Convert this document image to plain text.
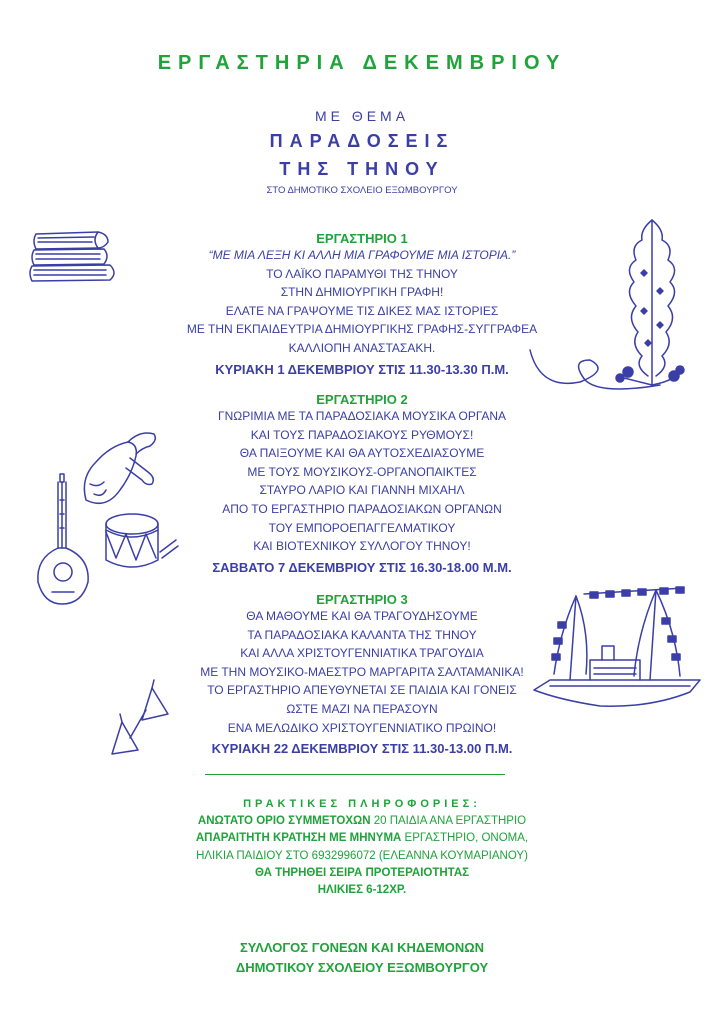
ΕΡΓΑΣΤΗΡΙΑ ΔΕΚΕΜΒΡΙΟΥ
ΜΕ ΘΕΜΑ
ΠΑΡΑΔΟΣΕΙΣ
ΤΗΣ ΤΗΝΟΥ
ΣΤΟ ΔΗΜΟΤΙΚΟ ΣΧΟΛΕΙΟ ΕΞΩΜΒΟΥΡΓΟΥ
ΕΡΓΑΣΤΗΡΙΟ 1
“ΜΕ ΜΙΑ ΛΕΞΗ ΚΙ ΑΛΛΗ ΜΙΑ ΓΡΑΦΟΥΜΕ ΜΙΑ ΙΣΤΟΡΙΑ.”
ΤΟ ΛΑΪΚΟ ΠΑΡΑΜΥΘΙ ΤΗΣ ΤΗΝΟΥ
ΣΤΗΝ ΔΗΜΙΟΥΡΓΙΚΗ ΓΡΑΦΗ!
ΕΛΑΤΕ ΝΑ ΓΡΑΨΟΥΜΕ ΤΙΣ ΔΙΚΕΣ ΜΑΣ ΙΣΤΟΡΙΕΣ
ΜΕ ΤΗΝ ΕΚΠΑΙΔΕΥΤΡΙΑ ΔΗΜΙΟΥΡΓΙΚΗΣ ΓΡΑΦΗΣ-ΣΥΓΓΡΑΦΕΑ
ΚΑΛΛΙΟΠΗ ΑΝΑΣΤΑΣΑΚΗ.
ΚΥΡΙΑΚΗ 1 ΔΕΚΕΜΒΡΙΟΥ ΣΤΙΣ 11.30-13.30 Π.Μ.
ΕΡΓΑΣΤΗΡΙΟ 2
ΓΝΩΡΙΜΙΑ ΜΕ ΤΑ ΠΑΡΑΔΟΣΙΑΚΑ ΜΟΥΣΙΚΑ ΟΡΓΑΝΑ
ΚΑΙ ΤΟΥΣ ΠΑΡΑΔΟΣΙΑΚΟΥΣ ΡΥΘΜΟΥΣ!
ΘΑ ΠΑΙΞΟΥΜΕ ΚΑΙ ΘΑ ΑΥΤΟΣΧΕΔΙΑΣΟΥΜΕ
ΜΕ ΤΟΥΣ ΜΟΥΣΙΚΟΥΣ-ΟΡΓΑΝΟΠΑΙΚΤΕΣ
ΣΤΑΥΡΟ ΛΑΡΙΟ ΚΑΙ ΓΙΑΝΝΗ ΜΙΧΑΗΛ
ΑΠΟ ΤΟ ΕΡΓΑΣΤΗΡΙΟ ΠΑΡΑΔΟΣΙΑΚΩΝ ΟΡΓΑΝΩΝ
ΤΟΥ ΕΜΠΟΡΟΕΠΑΓΓΕΛΜΑΤΙΚΟΥ
ΚΑΙ ΒΙΟΤΕΧΝΙΚΟΥ ΣΥΛΛΟΓΟΥ ΤΗΝΟΥ!
ΣΑΒΒΑΤΟ 7 ΔΕΚΕΜΒΡΙΟΥ ΣΤΙΣ 16.30-18.00 Μ.Μ.
ΕΡΓΑΣΤΗΡΙΟ 3
ΘΑ ΜΑΘΟΥΜΕ ΚΑΙ ΘΑ ΤΡΑΓΟΥΔΗΣΟΥΜΕ
ΤΑ ΠΑΡΑΔΟΣΙΑΚΑ ΚΑΛΑΝΤΑ ΤΗΣ ΤΗΝΟΥ
ΚΑΙ ΑΛΛΑ ΧΡΙΣΤΟΥΓΕΝΝΙΑΤΙΚΑ ΤΡΑΓΟΥΔΙΑ
ΜΕ ΤΗΝ ΜΟΥΣΙΚΟ-ΜΑΕΣΤΡΟ ΜΑΡΓΑΡΙΤΑ ΣΑΛΤΑΜΑΝΙΚΑ!
ΤΟ ΕΡΓΑΣΤΗΡΙΟ ΑΠΕΥΘΥΝΕΤΑΙ ΣΕ ΠΑΙΔΙΑ ΚΑΙ ΓΟΝΕΙΣ
ΩΣΤΕ ΜΑΖΙ ΝΑ ΠΕΡΑΣΟΥΝ
ΕΝΑ ΜΕΛΩΔΙΚΟ ΧΡΙΣΤΟΥΓΕΝΝΙΑΤΙΚΟ ΠΡΩΙΝΟ!
ΚΥΡΙΑΚΗ 22 ΔΕΚΕΜΒΡΙΟΥ ΣΤΙΣ 11.30-13.00 Π.Μ.
ΠΡΑΚΤΙΚΕΣ ΠΛΗΡΟΦΟΡΙΕΣ:
ΑΝΩΤΑΤΟ ΟΡΙΟ ΣΥΜΜΕΤΟΧΩΝ 20 ΠΑΙΔΙΑ ΑΝΑ ΕΡΓΑΣΤΗΡΙΟ
ΑΠΑΡΑΙΤΗΤΗ ΚΡΑΤΗΣΗ ΜΕ ΜΗΝΥΜΑ ΕΡΓΑΣΤΗΡΙΟ, ΟΝΟΜΑ,
ΗΛΙΚΙΑ ΠΑΙΔΙΟΥ ΣΤΟ 6932996072 (ΕΛΕΑΝΝΑ ΚΟΥΜΑΡΙΑΝΟΥ)
ΘΑ ΤΗΡΗΘΕΙ ΣΕΙΡΑ ΠΡΟΤΕΡΑΙΟΤΗΤΑΣ
ΗΛΙΚΙΕΣ 6-12ΧΡ.
ΣΥΛΛΟΓΟΣ ΓΟΝΕΩΝ ΚΑΙ ΚΗΔΕΜΟΝΩΝ
ΔΗΜΟΤΙΚΟΥ ΣΧΟΛΕΙΟΥ ΕΞΩΜΒΟΥΡΓΟΥ
